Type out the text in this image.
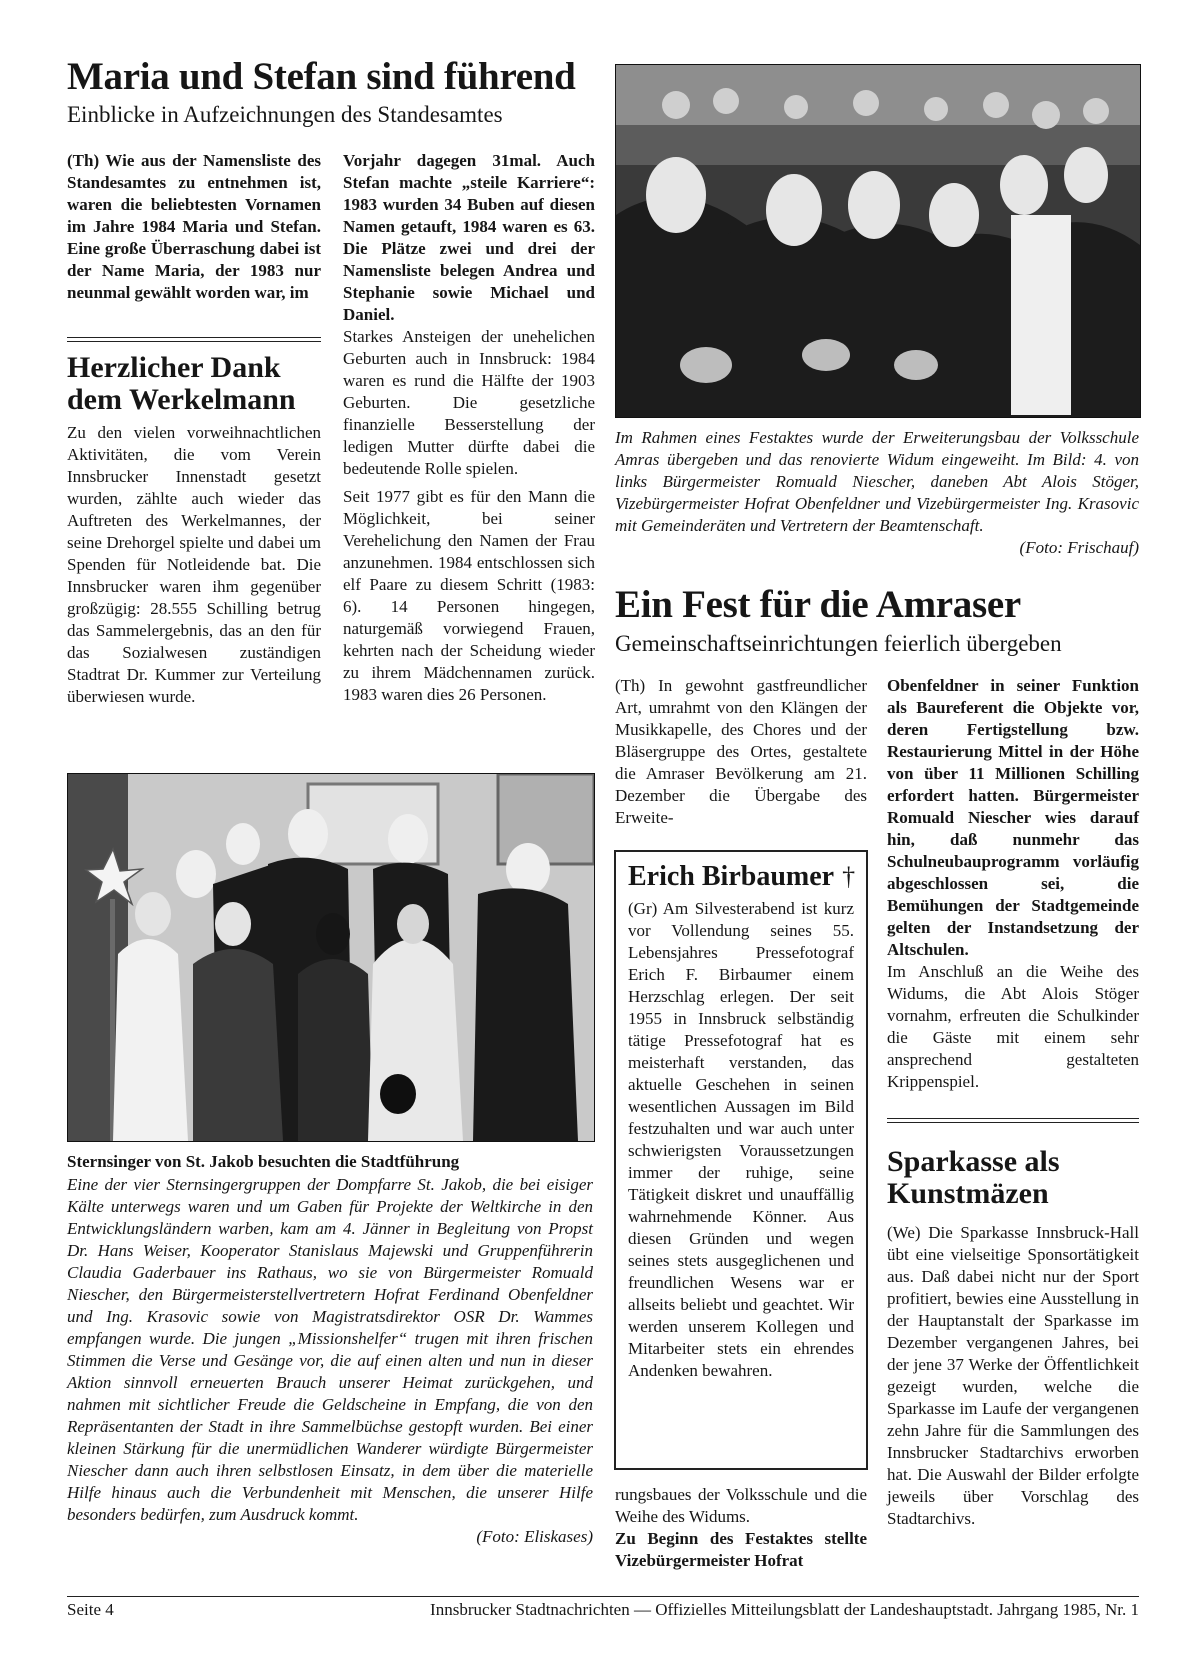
Maria und Stefan sind führend
Einblicke in Aufzeichnungen des Standesamtes

(Th) Wie aus der Namensliste des Standesamtes zu entnehmen ist, waren die beliebtesten Vornamen im Jahre 1984 Maria und Stefan. Eine große Überraschung dabei ist der Name Maria, der 1983 nur neunmal gewählt worden war, im

Vorjahr dagegen 31mal. Auch Stefan machte „steile Karriere“: 1983 wurden 34 Buben auf diesen Namen getauft, 1984 waren es 63. Die Plätze zwei und drei der Namensliste belegen Andrea und Stephanie sowie Michael und Daniel.

Starkes Ansteigen der unehelichen Geburten auch in Innsbruck: 1984 waren es rund die Hälfte der 1903 Geburten. Die gesetzliche finanzielle Besserstellung der ledigen Mutter dürfte dabei die bedeutende Rolle spielen.

Seit 1977 gibt es für den Mann die Möglichkeit, bei seiner Verehelichung den Namen der Frau anzunehmen. 1984 entschlossen sich elf Paare zu diesem Schritt (1983: 6). 14 Personen hingegen, naturgemäß vorwiegend Frauen, kehrten nach der Scheidung wieder zu ihrem Mädchennamen zurück. 1983 waren dies 26 Personen.

Herzlicher Dank dem Werkelmann

Zu den vielen vorweihnachtlichen Aktivitäten, die vom Verein Innsbrucker Innenstadt gesetzt wurden, zählte auch wieder das Auftreten des Werkelmannes, der seine Drehorgel spielte und dabei um Spenden für Notleidende bat. Die Innsbrucker waren ihm gegenüber großzügig: 28.555 Schilling betrug das Sammelergebnis, das an den für das Sozialwesen zuständigen Stadtrat Dr. Kummer zur Verteilung überwiesen wurde.

Im Rahmen eines Festaktes wurde der Erweiterungsbau der Volksschule Amras übergeben und das renovierte Widum eingeweiht. Im Bild: 4. von links Bürgermeister Romuald Niescher, daneben Abt Alois Stöger, Vizebürgermeister Hofrat Obenfeldner und Vizebürgermeister Ing. Krasovic mit Gemeinderäten und Vertretern der Beamtenschaft.
(Foto: Frischauf)

Ein Fest für die Amraser
Gemeinschaftseinrichtungen feierlich übergeben

(Th) In gewohnt gastfreundlicher Art, umrahmt von den Klängen der Musikkapelle, des Chores und der Bläsergruppe des Ortes, gestaltete die Amraser Bevölkerung am 21. Dezember die Übergabe des Erweite-

Erich Birbaumer †

(Gr) Am Silvesterabend ist kurz vor Vollendung seines 55. Lebensjahres Pressefotograf Erich F. Birbaumer einem Herzschlag erlegen. Der seit 1955 in Innsbruck selbständig tätige Pressefotograf hat es meisterhaft verstanden, das aktuelle Geschehen in seinen wesentlichen Aussagen im Bild festzuhalten und war auch unter schwierigsten Voraussetzungen immer der ruhige, seine Tätigkeit diskret und unauffällig wahrnehmende Könner. Aus diesen Gründen und wegen seines stets ausgeglichenen und freundlichen Wesens war er allseits beliebt und geachtet. Wir werden unserem Kollegen und Mitarbeiter stets ein ehrendes Andenken bewahren.

rungsbaues der Volksschule und die Weihe des Widums.

Zu Beginn des Festaktes stellte Vizebürgermeister Hofrat

Obenfeldner in seiner Funktion als Baureferent die Objekte vor, deren Fertigstellung bzw. Restaurierung Mittel in der Höhe von über 11 Millionen Schilling erfordert hatten. Bürgermeister Romuald Niescher wies darauf hin, daß nunmehr das Schulneubauprogramm vorläufig abgeschlossen sei, die Bemühungen der Stadtgemeinde gelten der Instandsetzung der Altschulen.

Im Anschluß an die Weihe des Widums, die Abt Alois Stöger vornahm, erfreuten die Schulkinder die Gäste mit einem sehr ansprechend gestalteten Krippenspiel.

Sparkasse als Kunstmäzen

(We) Die Sparkasse Innsbruck-Hall übt eine vielseitige Sponsortätigkeit aus. Daß dabei nicht nur der Sport profitiert, bewies eine Ausstellung in der Hauptanstalt der Sparkasse im Dezember vergangenen Jahres, bei der jene 37 Werke der Öffentlichkeit gezeigt wurden, welche die Sparkasse im Laufe der vergangenen zehn Jahre für die Sammlungen des Innsbrucker Stadtarchivs erworben hat. Die Auswahl der Bilder erfolgte jeweils über Vorschlag des Stadtarchivs.

Sternsinger von St. Jakob besuchten die Stadtführung

Eine der vier Sternsingergruppen der Dompfarre St. Jakob, die bei eisiger Kälte unterwegs waren und um Gaben für Projekte der Weltkirche in den Entwicklungsländern warben, kam am 4. Jänner in Begleitung von Propst Dr. Hans Weiser, Kooperator Stanislaus Majewski und Gruppenführerin Claudia Gaderbauer ins Rathaus, wo sie von Bürgermeister Romuald Niescher, den Bürgermeisterstellvertretern Hofrat Ferdinand Obenfeldner und Ing. Krasovic sowie von Magistratsdirektor OSR Dr. Wammes empfangen wurde. Die jungen „Missionshelfer“ trugen mit ihren frischen Stimmen die Verse und Gesänge vor, die auf einen alten und nun in dieser Aktion sinnvoll erneuerten Brauch unserer Heimat zurückgehen, und nahmen mit sichtlicher Freude die Geldscheine in Empfang, die von den Repräsentanten der Stadt in ihre Sammelbüchse gestopft wurden. Bei einer kleinen Stärkung für die unermüdlichen Wanderer würdigte Bürgermeister Niescher dann auch ihren selbstlosen Einsatz, in dem über die materielle Hilfe hinaus auch die Verbundenheit mit Menschen, die unserer Hilfe besonders bedürfen, zum Ausdruck kommt.
(Foto: Eliskases)

Seite 4	Innsbrucker Stadtnachrichten — Offizielles Mitteilungsblatt der Landeshauptstadt. Jahrgang 1985, Nr. 1
